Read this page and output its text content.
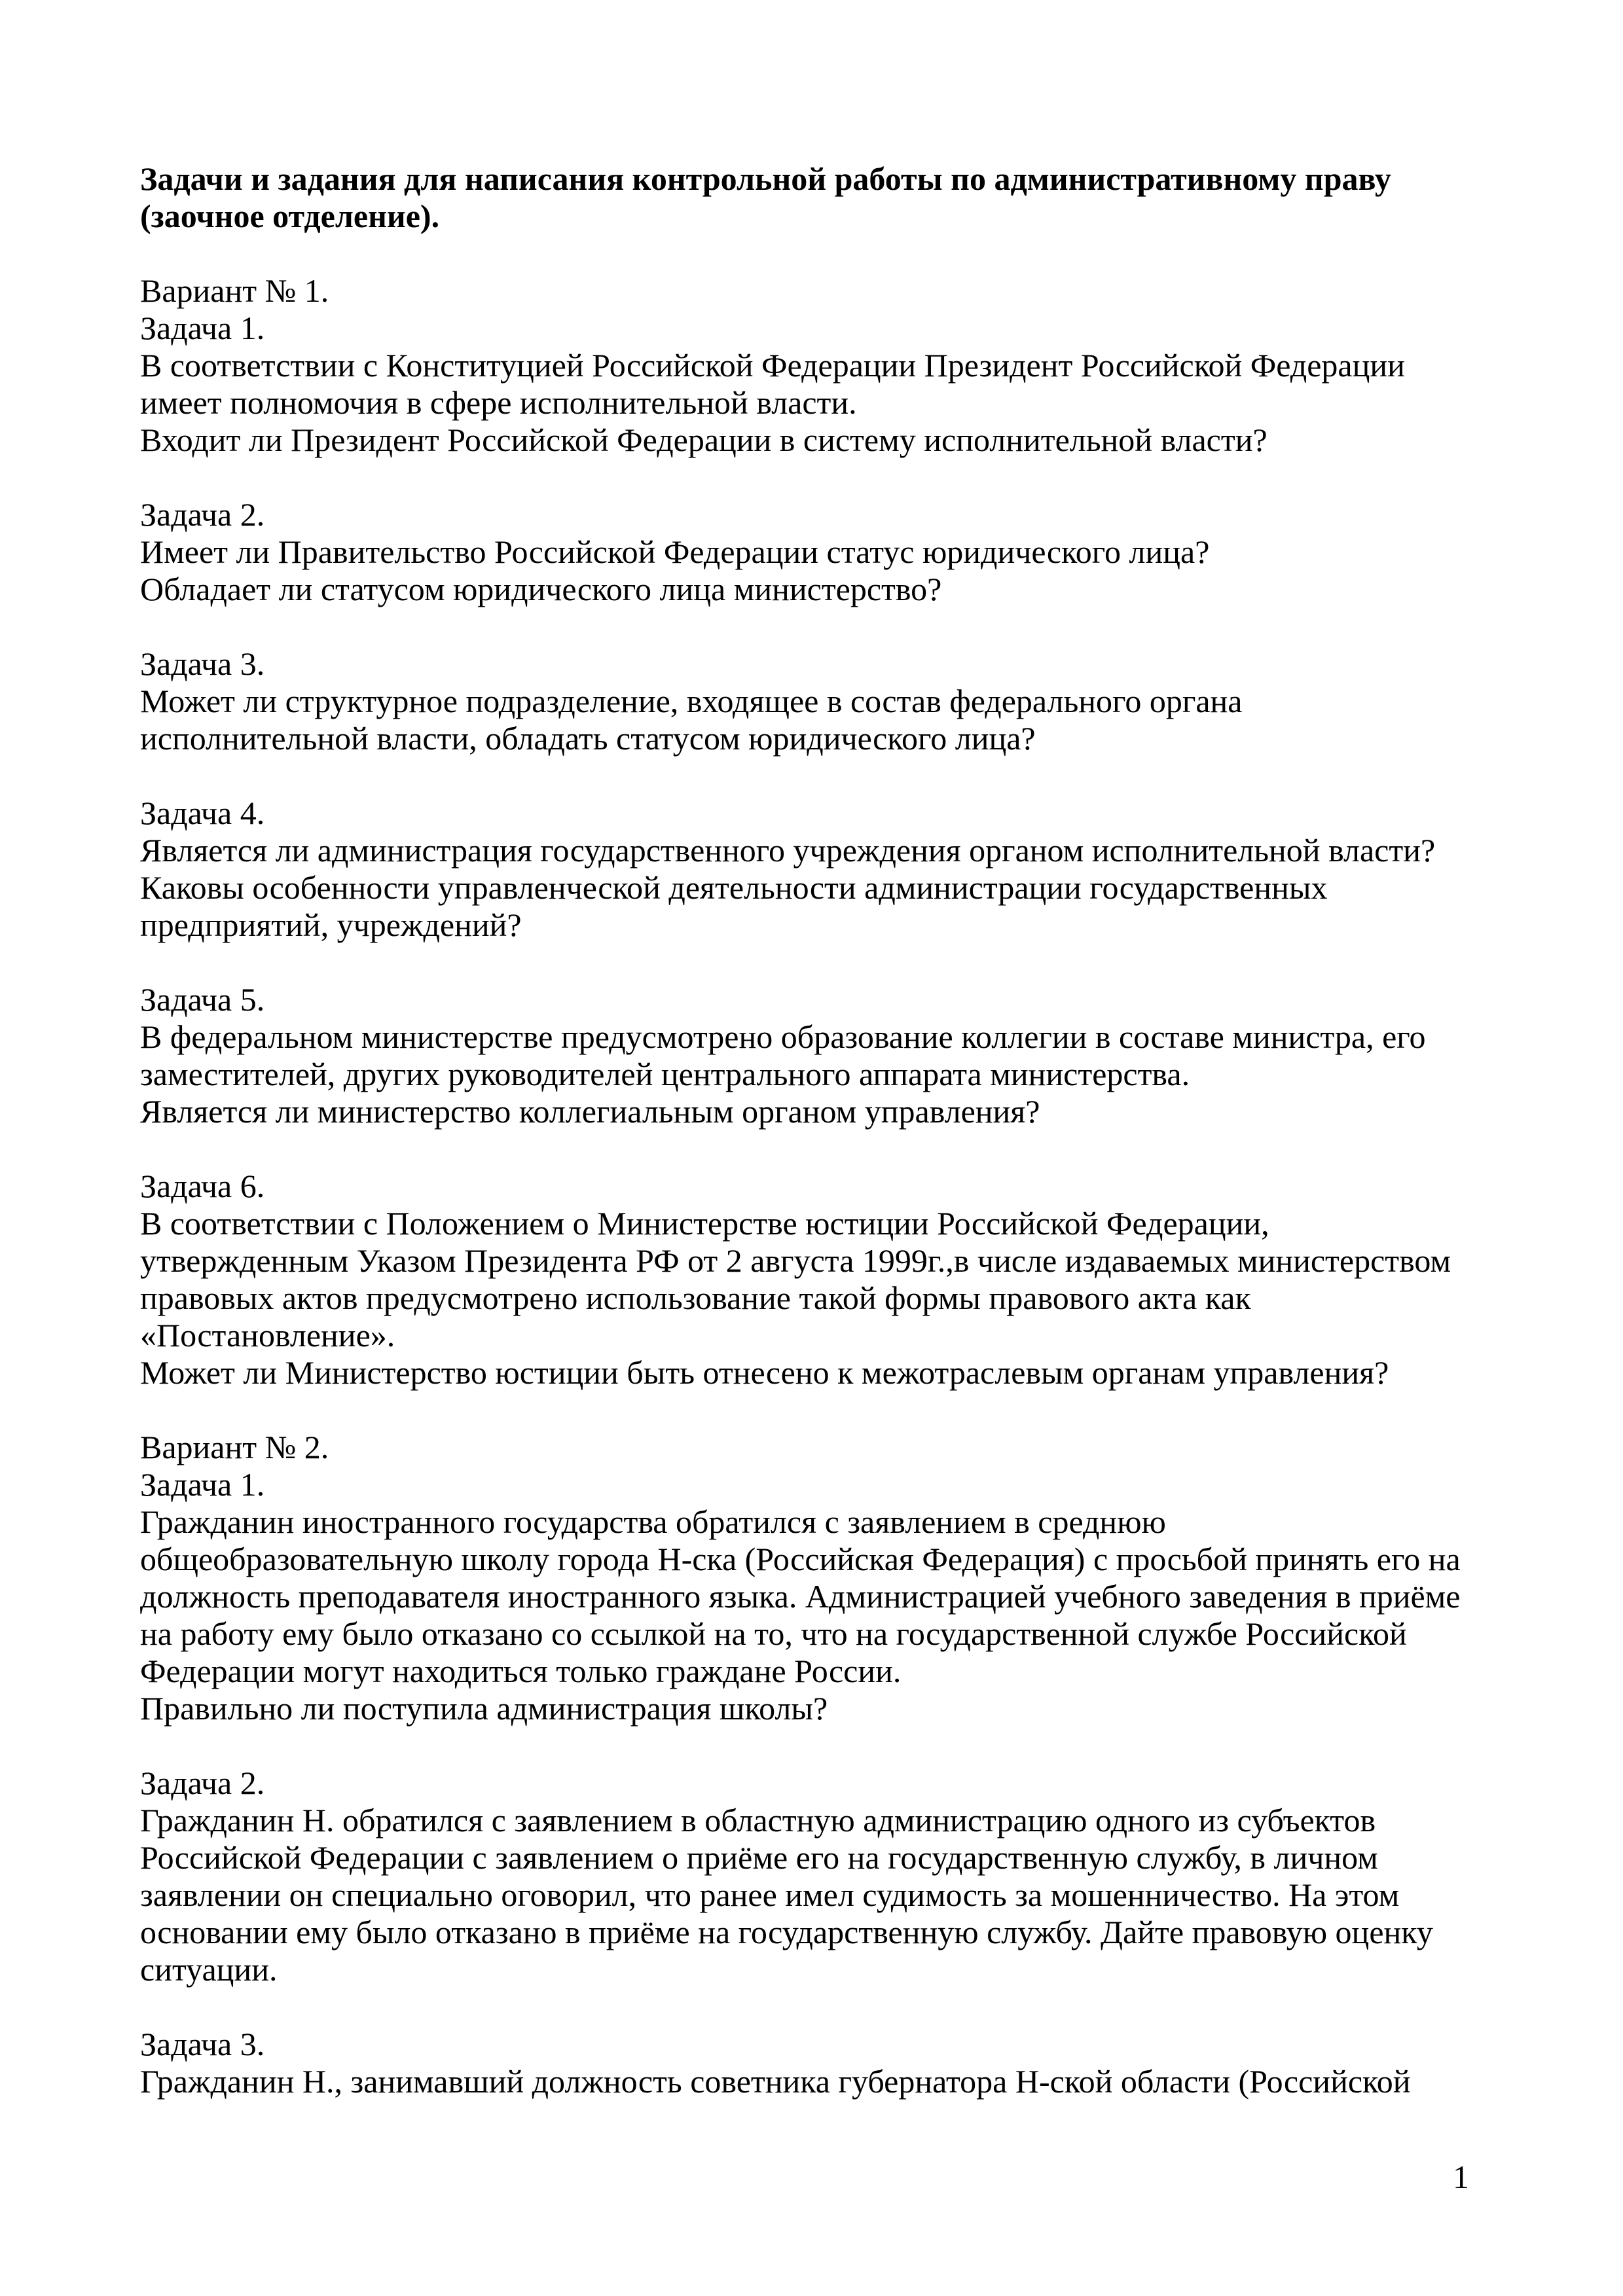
Задачи и задания для написания контрольной работы по административному праву (заочное отделение).

Вариант № 1.

Задача 1.

В соответствии с Конституцией Российской Федерации Президент Российской Федерации имеет полномочия в сфере исполнительной власти.

Входит ли Президент Российской Федерации в систему исполнительной власти?

Задача 2.

Имеет ли Правительство Российской Федерации статус юридического лица?

Обладает ли статусом юридического лица министерство?

Задача 3.

Может ли структурное подразделение, входящее в состав федерального органа исполнительной власти, обладать статусом юридического лица?

Задача 4.

Является ли администрация государственного учреждения органом исполнительной власти?

Каковы особенности управленческой деятельности администрации государственных предприятий, учреждений?

Задача 5.

В федеральном министерстве предусмотрено образование коллегии в составе министра, его заместителей, других руководителей центрального аппарата министерства.

Является ли министерство коллегиальным органом управления?

Задача 6.

В соответствии с Положением о Министерстве юстиции Российской Федерации, утвержденным Указом Президента РФ от 2 августа 1999г.,в числе издаваемых министерством правовых актов предусмотрено использование такой формы правового акта как «Постановление».

Может ли Министерство юстиции быть отнесено к межотраслевым органам управления?

Вариант № 2.

Задача 1.

Гражданин иностранного государства обратился с заявлением в среднюю общеобразовательную школу города Н-ска (Российская Федерация) с просьбой принять его на должность преподавателя иностранного языка. Администрацией учебного заведения в приёме на работу ему было отказано со ссылкой на то, что на государственной службе Российской Федерации могут находиться только граждане России.

Правильно ли поступила администрация школы?

Задача 2.

Гражданин Н. обратился с заявлением в областную администрацию одного из субъектов Российской Федерации с заявлением о приёме его на государственную службу, в личном заявлении он специально оговорил, что ранее имел судимость за мошенничество. На этом основании ему было отказано в приёме на государственную службу. Дайте правовую оценку ситуации.

Задача 3.

Гражданин Н., занимавший должность советника губернатора Н-ской области (Российской

1
